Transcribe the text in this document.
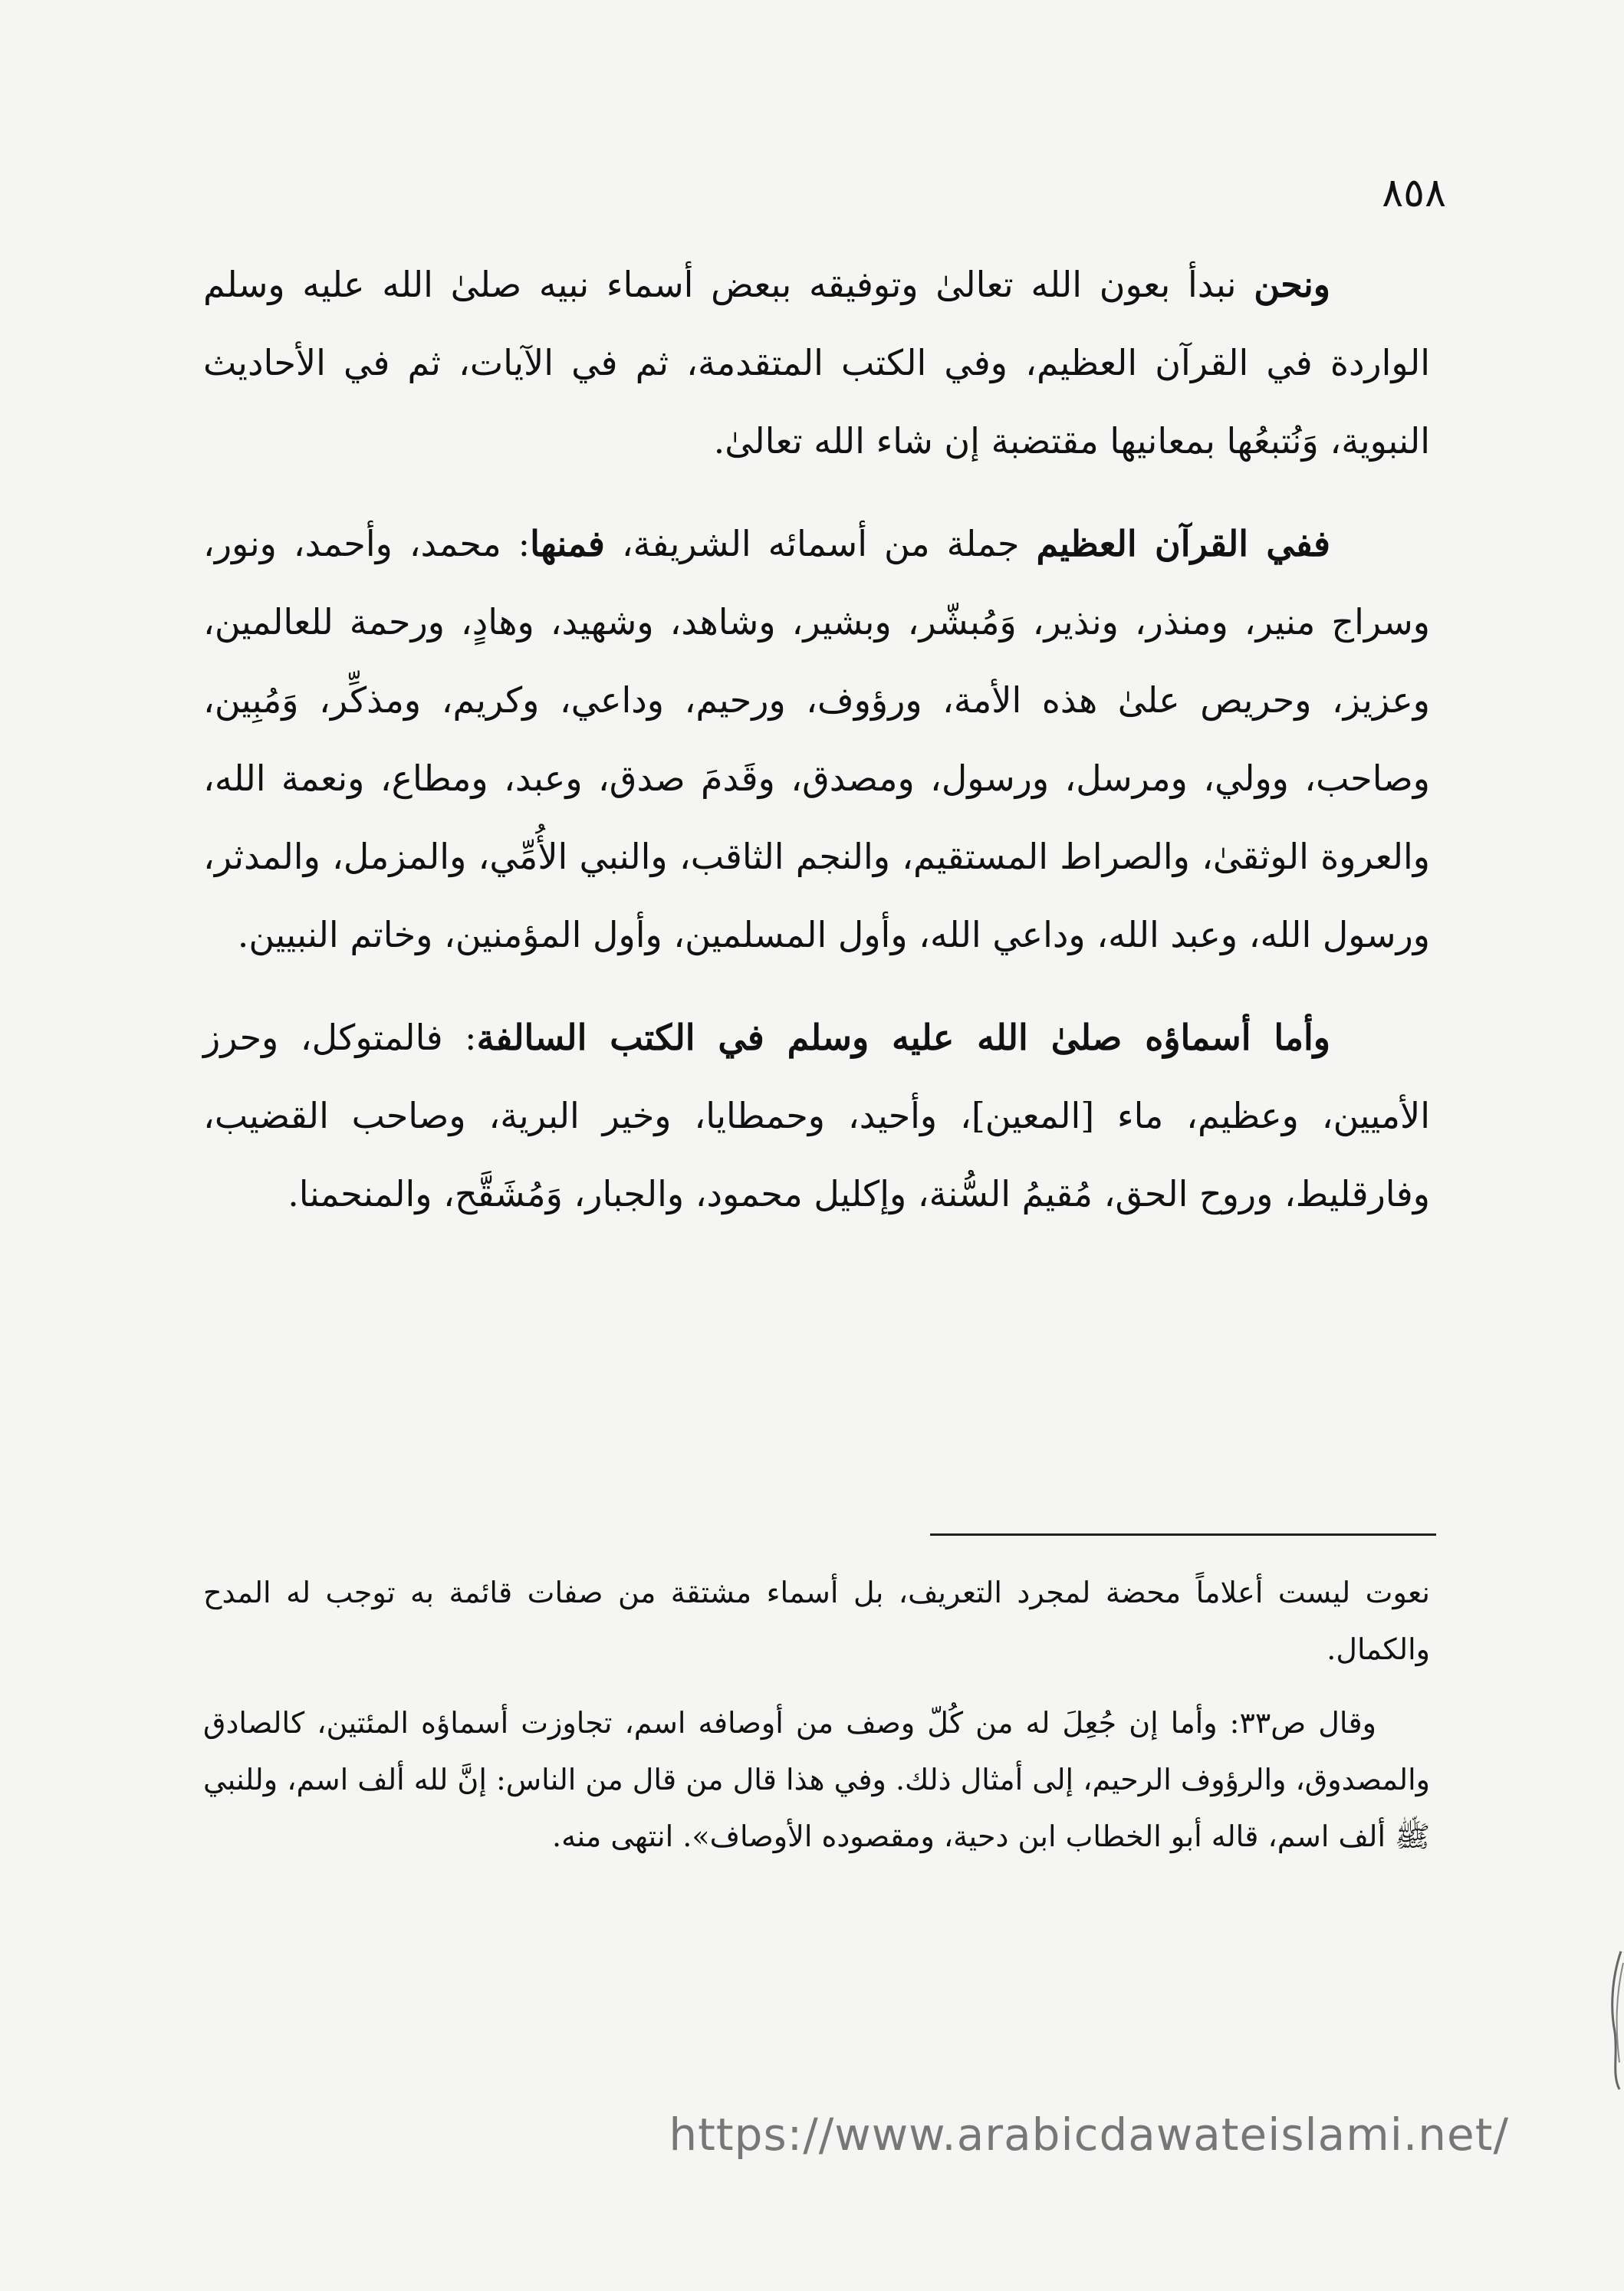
٨٥٨

ونحن نبدأ بعون الله تعالىٰ وتوفيقه ببعض أسماء نبيه صلىٰ الله عليه وسلم الواردة في القرآن العظيم، وفي الكتب المتقدمة، ثم في الآيات، ثم في الأحاديث النبوية، وَنُتبعُها بمعانيها مقتضبة إن شاء الله تعالىٰ.

ففي القرآن العظيم جملة من أسمائه الشريفة، فمنها: محمد، وأحمد، ونور، وسراج منير، ومنذر، ونذير، وَمُبشّر، وبشير، وشاهد، وشهيد، وهادٍ، ورحمة للعالمين، وعزيز، وحريص علىٰ هذه الأمة، ورؤوف، ورحيم، وداعي، وكريم، ومذكِّر، وَمُبِين، وصاحب، وولي، ومرسل، ورسول، ومصدق، وقَدمَ صدق، وعبد، ومطاع، ونعمة الله، والعروة الوثقىٰ، والصراط المستقيم، والنجم الثاقب، والنبي الأُمِّي، والمزمل، والمدثر، ورسول الله، وعبد الله، وداعي الله، وأول المسلمين، وأول المؤمنين، وخاتم النبيين.

وأما أسماؤه صلىٰ الله عليه وسلم في الكتب السالفة: فالمتوكل، وحرز الأميين، وعظيم، ماء [المعين]، وأحيد، وحمطايا، وخير البرية، وصاحب القضيب، وفارقليط، وروح الحق، مُقيمُ السُّنة، وإكليل محمود، والجبار، وَمُشَقَّح، والمنحمنا.

نعوت ليست أعلاماً محضة لمجرد التعريف، بل أسماء مشتقة من صفات قائمة به توجب له المدح والكمال.

وقال ص٣٣: وأما إن جُعِلَ له من كُلّ وصف من أوصافه اسم، تجاوزت أسماؤه المئتين، كالصادق والمصدوق، والرؤوف الرحيم، إلى أمثال ذلك. وفي هذا قال من قال من الناس: إنَّ لله ألف اسم، وللنبي ﷺ ألف اسم، قاله أبو الخطاب ابن دحية، ومقصوده الأوصاف». انتهى منه.

https://www.arabicdawateislami.net/
